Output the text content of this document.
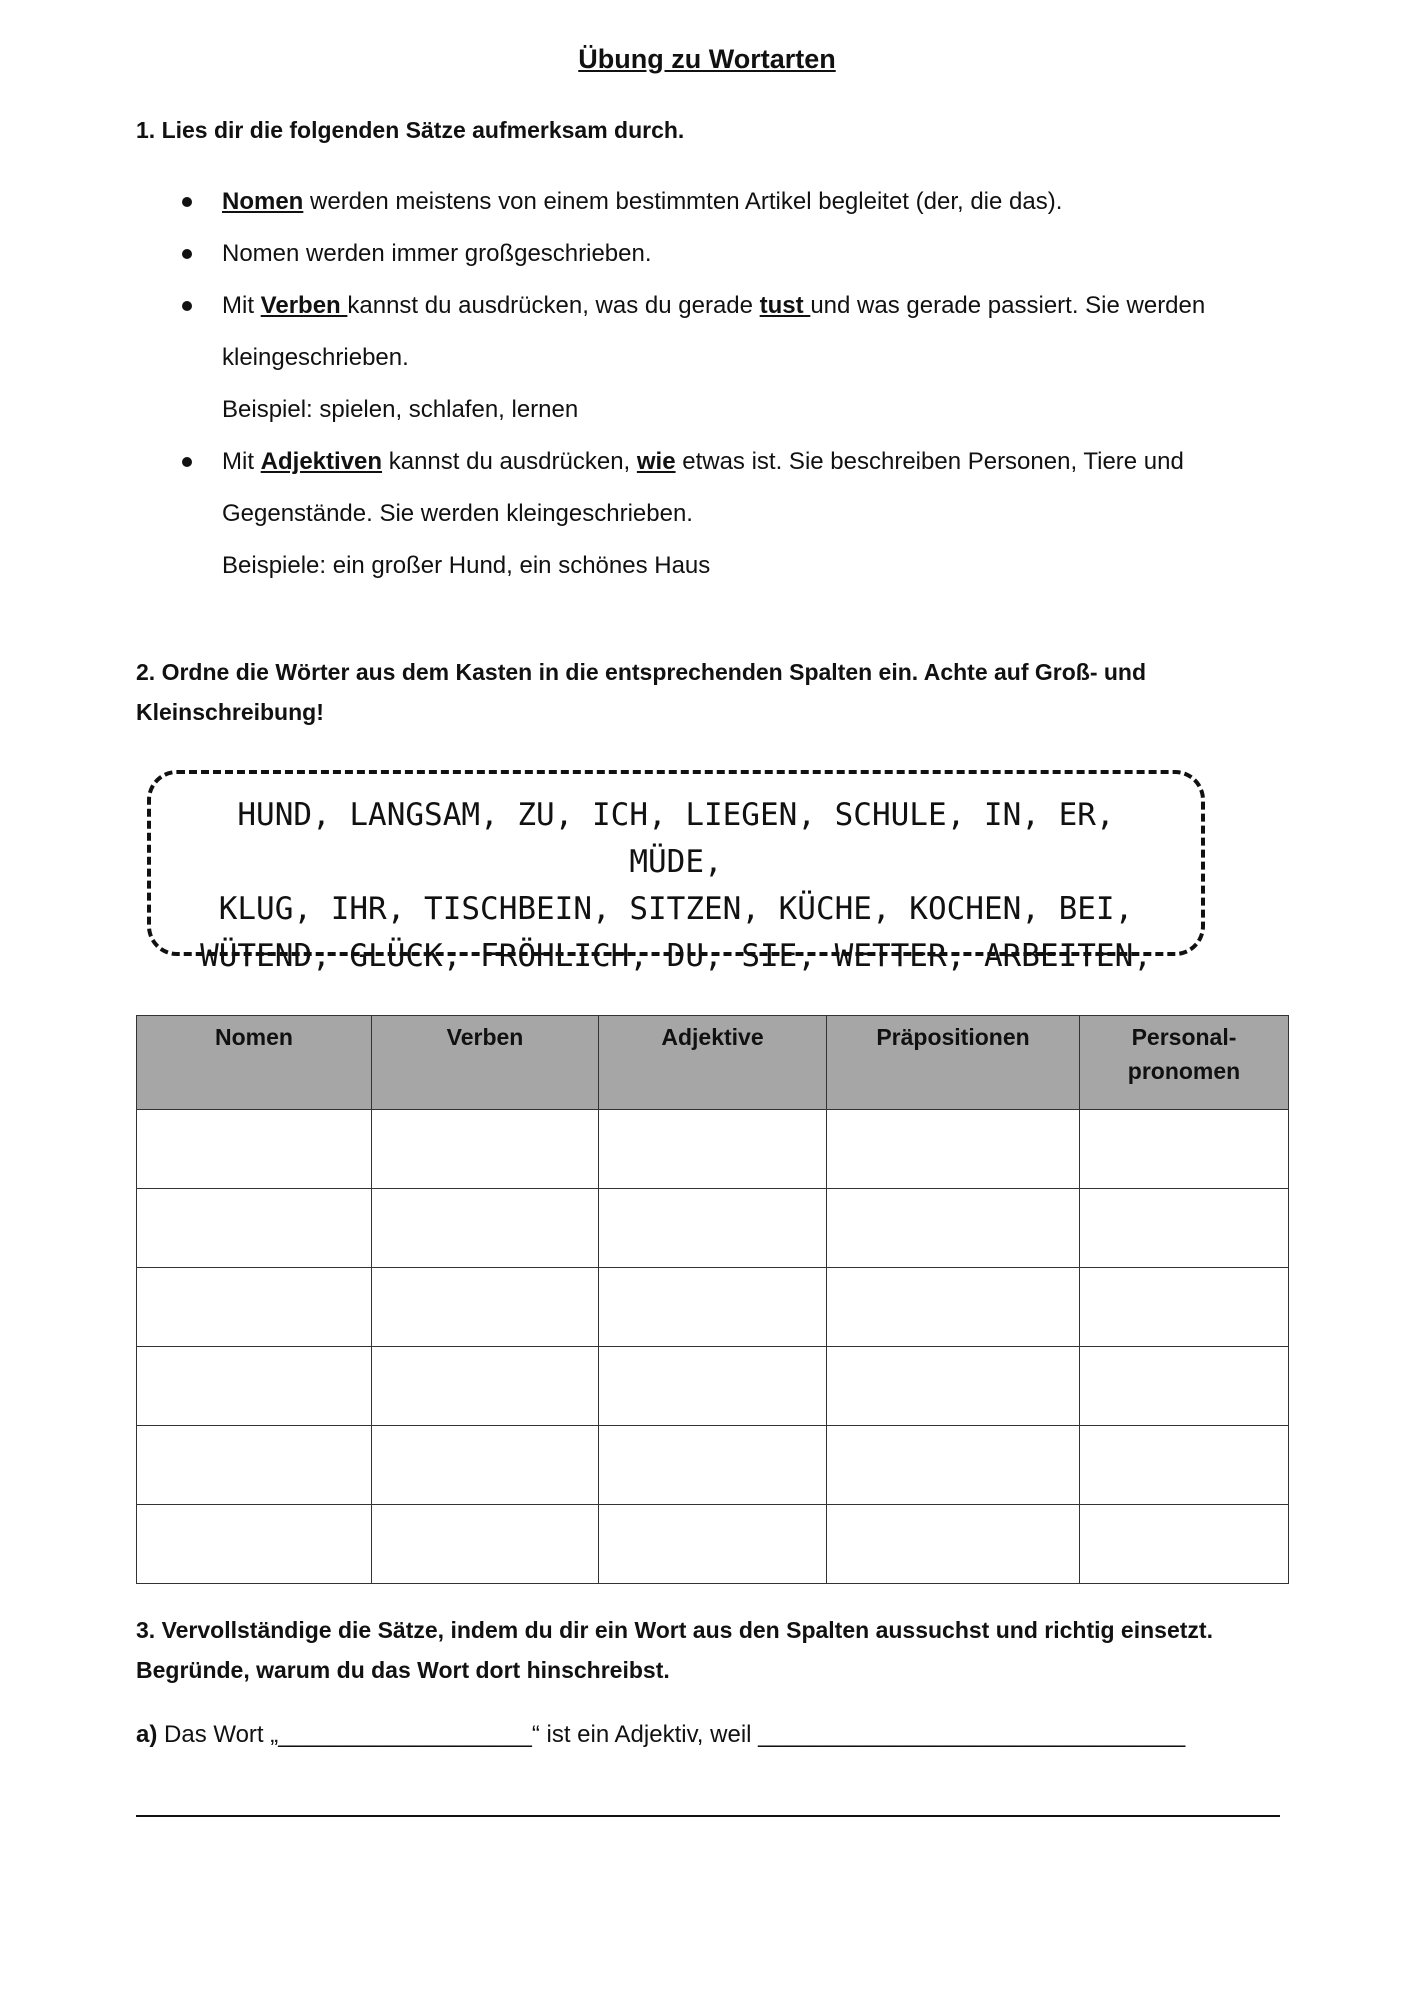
Übung zu Wortarten
1. Lies dir die folgenden Sätze aufmerksam durch.
Nomen werden meistens von einem bestimmten Artikel begleitet (der, die das).
Nomen werden immer großgeschrieben.
Mit Verben kannst du ausdrücken, was du gerade tust und was gerade passiert. Sie werden
kleingeschrieben.
Beispiel: spielen, schlafen, lernen
Mit Adjektiven kannst du ausdrücken, wie etwas ist. Sie beschreiben Personen, Tiere und
Gegenstände. Sie werden kleingeschrieben.
Beispiele: ein großer Hund, ein schönes Haus
2. Ordne die Wörter aus dem Kasten in die entsprechenden Spalten ein. Achte auf Groß- und Kleinschreibung!
HUND, LANGSAM, ZU, ICH, LIEGEN, SCHULE, IN, ER, MÜDE,
KLUG, IHR, TISCHBEIN, SITZEN, KÜCHE, KOCHEN, BEI,
WÜTEND, GLÜCK, FRÖHLICH, DU, SIE, WETTER, ARBEITEN,
Nomen	Verben	Adjektive	Präpositionen	Personal-
pronomen

3. Vervollständige die Sätze, indem du dir ein Wort aus den Spalten aussuchst und richtig einsetzt. Begründe, warum du das Wort dort hinschreibst.
a) Das Wort „___________________“ ist ein Adjektiv, weil ________________________________
